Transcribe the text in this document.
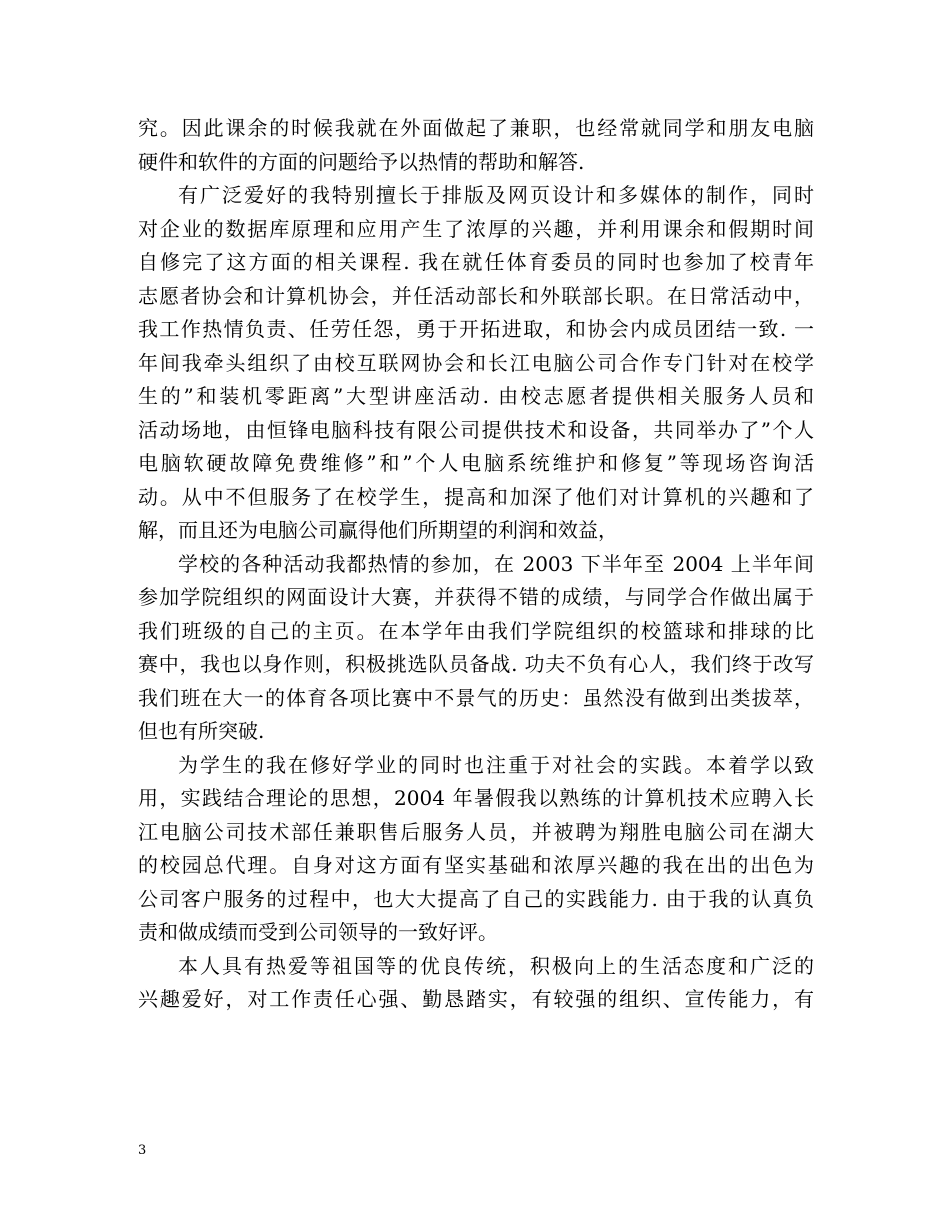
究。因此课余的时候我就在外面做起了兼职，也经常就同学和朋友电脑
硬件和软件的方面的问题给予以热情的帮助和解答.
有广泛爱好的我特别擅长于排版及网页设计和多媒体的制作，同时
对企业的数据库原理和应用产生了浓厚的兴趣，并利用课余和假期时间
自修完了这方面的相关课程. 我在就任体育委员的同时也参加了校青年
志愿者协会和计算机协会，并任活动部长和外联部长职。在日常活动中，
我工作热情负责、任劳任怨，勇于开拓进取，和协会内成员团结一致. 一
年间我牵头组织了由校互联网协会和长江电脑公司合作专门针对在校学
生的”和装机零距离”大型讲座活动. 由校志愿者提供相关服务人员和
活动场地，由恒锋电脑科技有限公司提供技术和设备，共同举办了”个人
电脑软硬故障免费维修”和”个人电脑系统维护和修复”等现场咨询活
动。从中不但服务了在校学生，提高和加深了他们对计算机的兴趣和了
解，而且还为电脑公司赢得他们所期望的利润和效益，
学校的各种活动我都热情的参加，在 2003 下半年至 2004 上半年间
参加学院组织的网面设计大赛，并获得不错的成绩，与同学合作做出属于
我们班级的自己的主页。在本学年由我们学院组织的校篮球和排球的比
赛中，我也以身作则，积极挑选队员备战. 功夫不负有心人，我们终于改写
我们班在大一的体育各项比赛中不景气的历史：虽然没有做到出类拔萃，
但也有所突破.
为学生的我在修好学业的同时也注重于对社会的实践。本着学以致
用，实践结合理论的思想，2004 年暑假我以熟练的计算机技术应聘入长
江电脑公司技术部任兼职售后服务人员，并被聘为翔胜电脑公司在湖大
的校园总代理。自身对这方面有坚实基础和浓厚兴趣的我在出的出色为
公司客户服务的过程中，也大大提高了自己的实践能力. 由于我的认真负
责和做成绩而受到公司领导的一致好评。
本人具有热爱等祖国等的优良传统，积极向上的生活态度和广泛的
兴趣爱好，对工作责任心强、勤恳踏实，有较强的组织、宣传能力，有
3
